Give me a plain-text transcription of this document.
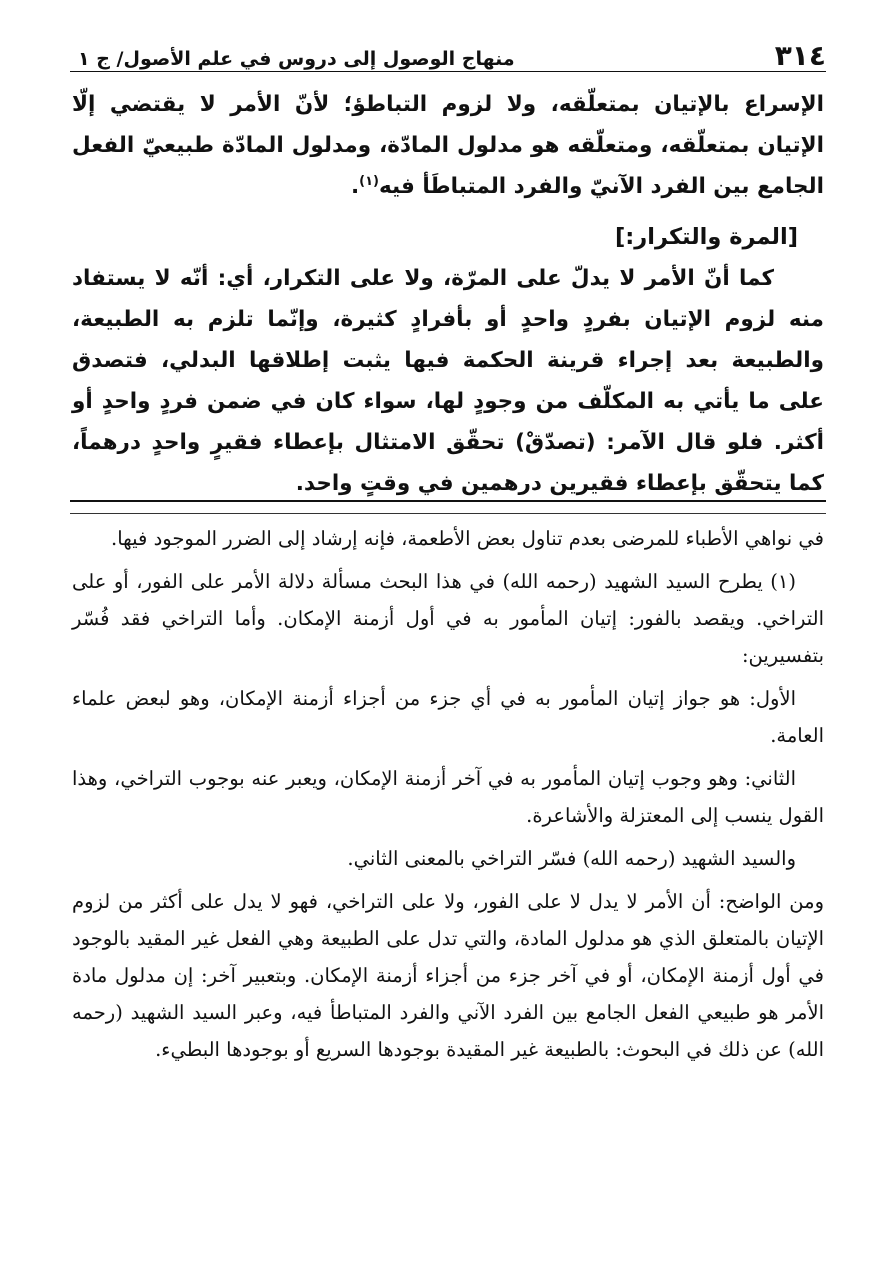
٣١٤
منهاج الوصول إلى دروس في علم الأصول/ ج ١

الإسراع بالإتيان بمتعلّقه، ولا لزوم التباطؤ؛ لأنّ الأمر لا يقتضي إلّا الإتيان بمتعلّقه، ومتعلّقه هو مدلول المادّة، ومدلول المادّة طبيعيّ الفعل الجامع بين الفرد الآنيّ والفرد المتباطَأ فيه$^{(١)}$.

[المرة والتكرار:]

كما أنّ الأمر لا يدلّ على المرّة، ولا على التكرار، أي: أنّه لا يستفاد منه لزوم الإتيان بفردٍ واحدٍ أو بأفرادٍ كثيرة، وإنّما تلزم به الطبيعة، والطبيعة بعد إجراء قرينة الحكمة فيها يثبت إطلاقها البدلي، فتصدق على ما يأتي به المكلّف من وجودٍ لها، سواء كان في ضمن فردٍ واحدٍ أو أكثر. فلو قال الآمر: (تصدّقْ) تحقّق الامتثال بإعطاء فقيرٍ واحدٍ درهماً، كما يتحقّق بإعطاء فقيرين درهمين في وقتٍ واحد.

في نواهي الأطباء للمرضى بعدم تناول بعض الأطعمة، فإنه إرشاد إلى الضرر الموجود فيها.

(١) يطرح السيد الشهيد (رحمه الله) في هذا البحث مسألة دلالة الأمر على الفور، أو على التراخي. ويقصد بالفور: إتيان المأمور به في أول أزمنة الإمكان. وأما التراخي فقد فُسّر بتفسيرين:

الأول: هو جواز إتيان المأمور به في أي جزء من أجزاء أزمنة الإمكان، وهو لبعض علماء العامة.

الثاني: وهو وجوب إتيان المأمور به في آخر أزمنة الإمكان، ويعبر عنه بوجوب التراخي، وهذا القول ينسب إلى المعتزلة والأشاعرة.

والسيد الشهيد (رحمه الله) فسّر التراخي بالمعنى الثاني.

ومن الواضح: أن الأمر لا يدل لا على الفور، ولا على التراخي، فهو لا يدل على أكثر من لزوم الإتيان بالمتعلق الذي هو مدلول المادة، والتي تدل على الطبيعة وهي الفعل غير المقيد بالوجود في أول أزمنة الإمكان، أو في آخر جزء من أجزاء أزمنة الإمكان. وبتعبير آخر: إن مدلول مادة الأمر هو طبيعي الفعل الجامع بين الفرد الآني والفرد المتباطأ فيه، وعبر السيد الشهيد (رحمه الله) عن ذلك في البحوث: بالطبيعة غير المقيدة بوجودها السريع أو بوجودها البطيء.
